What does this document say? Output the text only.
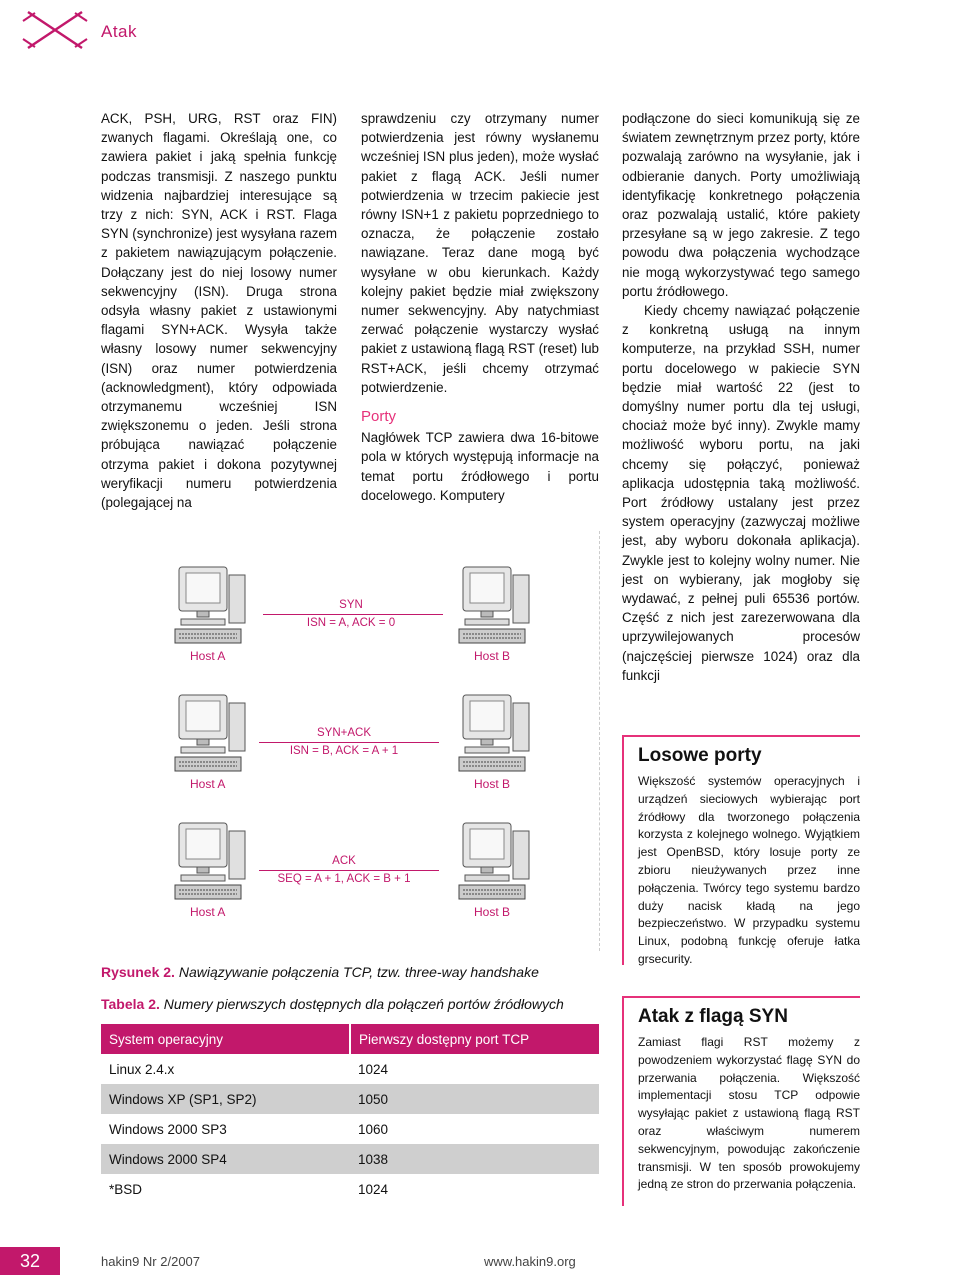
Atak

ACK, PSH, URG, RST oraz FIN) zwanych flagami. Określają one, co zawiera pakiet i jaką spełnia funkcję podczas transmisji. Z naszego punktu widzenia najbardziej interesujące są trzy z nich: SYN, ACK i RST. Flaga SYN (synchronize) jest wysyłana razem z pakietem nawiązującym połączenie. Dołączany jest do niej losowy numer sekwencyjny (ISN). Druga strona odsyła własny pakiet z ustawionymi flagami SYN+ACK. Wysyła także własny losowy numer sekwencyjny (ISN) oraz numer potwierdzenia (acknowledgment), który odpowiada otrzymanemu wcześniej ISN zwiększonemu o jeden. Jeśli strona próbująca nawiązać połączenie otrzyma pakiet i dokona pozytywnej weryfikacji numeru potwierdzenia (polegającej na

sprawdzeniu czy otrzymany numer potwierdzenia jest równy wysłanemu wcześniej ISN plus jeden), może wysłać pakiet z flagą ACK. Jeśli numer potwierdzenia w trzecim pakiecie jest równy ISN+1 z pakietu poprzedniego to oznacza, że połączenie zostało nawiązane. Teraz dane mogą być wysyłane w obu kierunkach. Każdy kolejny pakiet będzie miał zwiększony numer sekwencyjny. Aby natychmiast zerwać połączenie wystarczy wysłać pakiet z ustawioną flagą RST (reset) lub RST+ACK, jeśli chcemy otrzymać potwierdzenie.

Porty

Nagłówek TCP zawiera dwa 16-bitowe pola w których występują informacje na temat portu źródłowego i portu docelowego. Komputery

podłączone do sieci komunikują się ze światem zewnętrznym przez porty, które pozwalają zarówno na wysyłanie, jak i odbieranie danych. Porty umożliwiają identyfikację konkretnego połączenia oraz pozwalają ustalić, które pakiety przesyłane są w jego zakresie. Z tego powodu dwa połączenia wychodzące nie mogą wykorzystywać tego samego portu źródłowego.

Kiedy chcemy nawiązać połączenie z konkretną usługą na innym komputerze, na przykład SSH, numer portu docelowego w pakiecie SYN będzie miał wartość 22 (jest to domyślny numer portu dla tej usługi, chociaż może być inny). Zwykle mamy możliwość wyboru portu, na jaki chcemy się połączyć, ponieważ aplikacja udostępnia taką możliwość. Port źródłowy ustalany jest przez system operacyjny (zazwyczaj możliwe jest, aby wyboru dokonała aplikacja). Zwykle jest to kolejny wolny numer. Nie jest on wybierany, jak mogłoby się wydawać, z pełnej puli 65536 portów. Część z nich jest zarezerwowana dla uprzywilejowanych procesów (najczęściej pierwsze 1024) oraz dla funkcji

Host A	Host B
SYN
ISN = A, ACK = 0
Host A	Host B
SYN+ACK
ISN = B, ACK = A + 1
Host A	Host B
ACK
SEQ = A + 1, ACK = B + 1
Rysunek 2. Nawiązywanie połączenia TCP, tzw. three-way handshake
Tabela 2. Numery pierwszych dostępnych dla połączeń portów źródłowych
System operacyjny	Pierwszy dostępny port TCP
Linux 2.4.x	1024
Windows XP (SP1, SP2)	1050
Windows 2000 SP3	1060
Windows 2000 SP4	1038
*BSD	1024
Losowe porty

Większość systemów operacyjnych i urządzeń sieciowych wybierając port źródłowy dla tworzonego połączenia korzysta z kolejnego wolnego. Wyjątkiem jest OpenBSD, który losuje porty ze zbioru nieużywanych przez inne połączenia. Twórcy tego systemu bardzo duży nacisk kładą na jego bezpieczeństwo. W przypadku systemu Linux, podobną funkcję oferuje łatka grsecurity.

Atak z flagą SYN

Zamiast flagi RST możemy z powodzeniem wykorzystać flagę SYN do przerwania połączenia. Większość implementacji stosu TCP odpowie wysyłając pakiet z ustawioną flagą RST oraz właściwym numerem sekwencyjnym, powodując zakończenie transmisji. W ten sposób prowokujemy jedną ze stron do przerwania połączenia.

32	hakin9 Nr 2/2007	www.hakin9.org
